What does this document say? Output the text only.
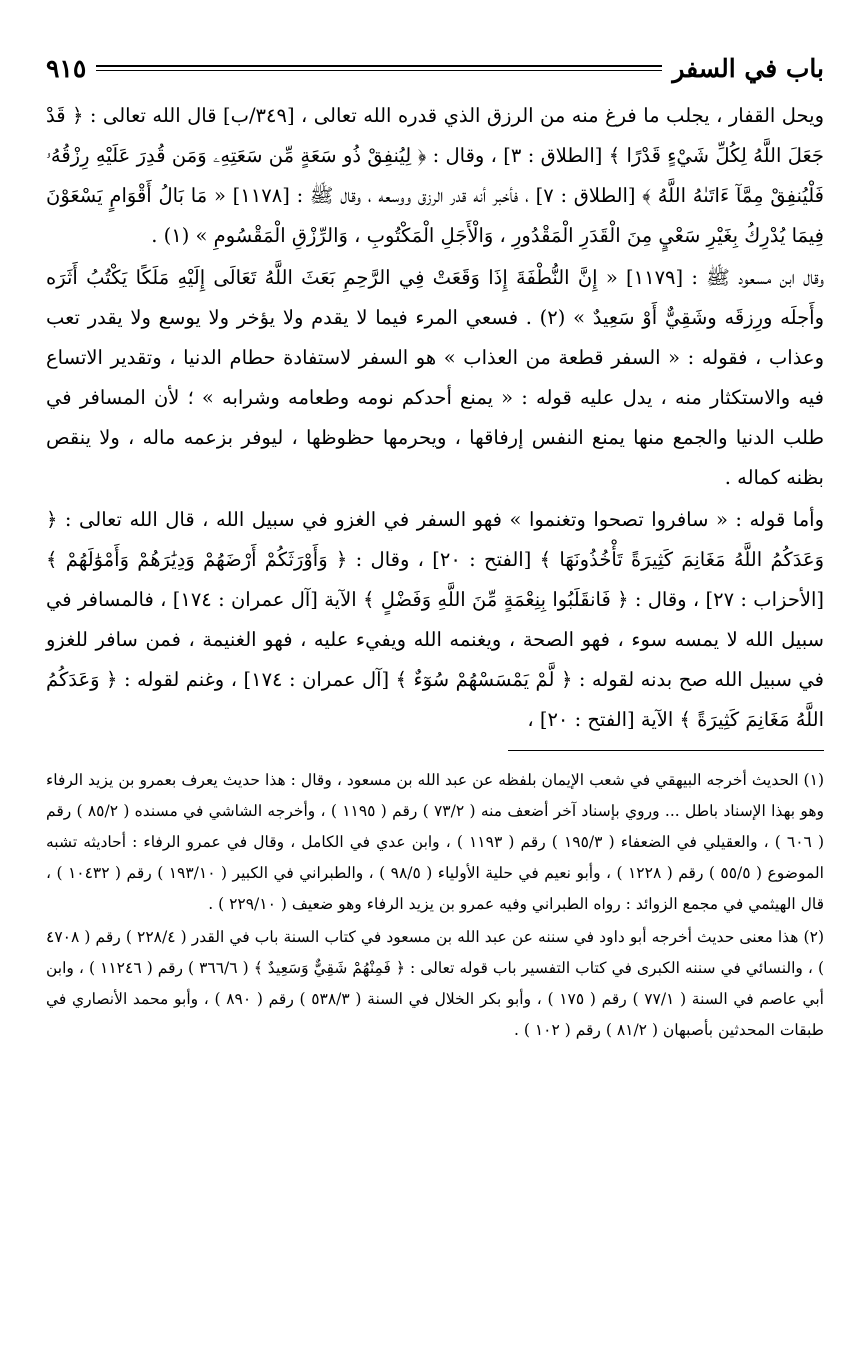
باب في السفر
٩١٥

ويحل القفار ، يجلب ما فرغ منه من الرزق الذي قدره الله تعالى ، [٣٤٩/ب] قال الله تعالى : ﴿ قَدْ جَعَلَ اللَّهُ لِكُلِّ شَيْءٍ قَدْرًا ﴾ [الطلاق : ٣] ، وقال : ﴿ لِيُنفِقْ ذُو سَعَةٍ مِّن سَعَتِهِۦ وَمَن قُدِرَ عَلَيْهِ رِزْقُهُۥ فَلْيُنفِقْ مِمَّآ ءَاتَىٰهُ اللَّهُ ﴾ [الطلاق : ٧] ، فأخبر أنه قدر الرزق ووسعه ، وقال ﷺ : [١١٧٨] « مَا بَالُ أَقْوَامٍ يَسْعَوْنَ فِيمَا يُدْرِكُ بِغَيْرِ سَعْيٍ مِنَ الْقَدَرِ الْمَقْدُورِ ، وَالْأَجَلِ الْمَكْتُوبِ ، وَالرِّزْقِ الْمَقْسُومِ » (١) .

وقال ابن مسعود ﷺ : [١١٧٩] « إِنَّ النُّطْفَةَ إِذَا وَقَعَتْ فِي الرَّحِمِ بَعَثَ اللَّهُ تَعَالَى إِلَيْهِ مَلَكًا يَكْتُبُ أَثَرَه وأَجلَه ورِزقَه وشَقِيٌّ أَوْ سَعِيدٌ » (٢) . فسعي المرء فيما لا يقدم ولا يؤخر ولا يوسع ولا يقدر تعب وعذاب ، فقوله : « السفر قطعة من العذاب » هو السفر لاستفادة حطام الدنيا ، وتقدير الاتساع فيه والاستكثار منه ، يدل عليه قوله : « يمنع أحدكم نومه وطعامه وشرابه » ؛ لأن المسافر في طلب الدنيا والجمع منها يمنع النفس إرفاقها ، ويحرمها حظوظها ، ليوفر بزعمه ماله ، ولا ينقص بظنه كماله .

وأما قوله : « سافروا تصحوا وتغنموا » فهو السفر في الغزو في سبيل الله ، قال الله تعالى : ﴿ وَعَدَكُمُ اللَّهُ مَغَانِمَ كَثِيرَةً تَأْخُذُونَهَا ﴾ [الفتح : ٢٠] ، وقال : ﴿ وَأَوْرَثَكُمْ أَرْضَهُمْ وَدِيَٰرَهُمْ وَأَمْوَٰلَهُمْ ﴾ [الأحزاب : ٢٧] ، وقال : ﴿ فَانقَلَبُوا بِنِعْمَةٍ مِّنَ اللَّهِ وَفَضْلٍ ﴾ الآية [آل عمران : ١٧٤] ، فالمسافر في سبيل الله لا يمسه سوء ، فهو الصحة ، ويغنمه الله ويفيء عليه ، فهو الغنيمة ، فمن سافر للغزو في سبيل الله صح بدنه لقوله : ﴿ لَّمْ يَمْسَسْهُمْ سُوٓءٌ ﴾ [آل عمران : ١٧٤] ، وغنم لقوله : ﴿ وَعَدَكُمُ اللَّهُ مَغَانِمَ كَثِيرَةً ﴾ الآية [الفتح : ٢٠] ،

(١) الحديث أخرجه البيهقي في شعب الإيمان بلفظه عن عبد الله بن مسعود ، وقال : هذا حديث يعرف بعمرو بن يزيد الرفاء وهو بهذا الإسناد باطل ... وروي بإسناد آخر أضعف منه ( ٧٣/٢ ) رقم ( ١١٩٥ ) ، وأخرجه الشاشي في مسنده ( ٨٥/٢ ) رقم ( ٦٠٦ ) ، والعقيلي في الضعفاء ( ١٩٥/٣ ) رقم ( ١١٩٣ ) ، وابن عدي في الكامل ، وقال في عمرو الرفاء : أحاديثه تشبه الموضوع ( ٥٥/٥ ) رقم ( ١٢٢٨ ) ، وأبو نعيم في حلية الأولياء ( ٩٨/٥ ) ، والطبراني في الكبير ( ١٩٣/١٠ ) رقم ( ١٠٤٣٢ ) ، قال الهيثمي في مجمع الزوائد : رواه الطبراني وفيه عمرو بن يزيد الرفاء وهو ضعيف ( ٢٢٩/١٠ ) .

(٢) هذا معنى حديث أخرجه أبو داود في سننه عن عبد الله بن مسعود في كتاب السنة باب في القدر ( ٢٢٨/٤ ) رقم ( ٤٧٠٨ ) ، والنسائي في سننه الكبرى في كتاب التفسير باب قوله تعالى : ﴿ فَمِنْهُمْ شَقِيٌّ وَسَعِيدٌ ﴾ ( ٣٦٦/٦ ) رقم ( ١١٢٤٦ ) ، وابن أبي عاصم في السنة ( ٧٧/١ ) رقم ( ١٧٥ ) ، وأبو بكر الخلال في السنة ( ٥٣٨/٣ ) رقم ( ٨٩٠ ) ، وأبو محمد الأنصاري في طبقات المحدثين بأصبهان ( ٨١/٢ ) رقم ( ١٠٢ ) .
